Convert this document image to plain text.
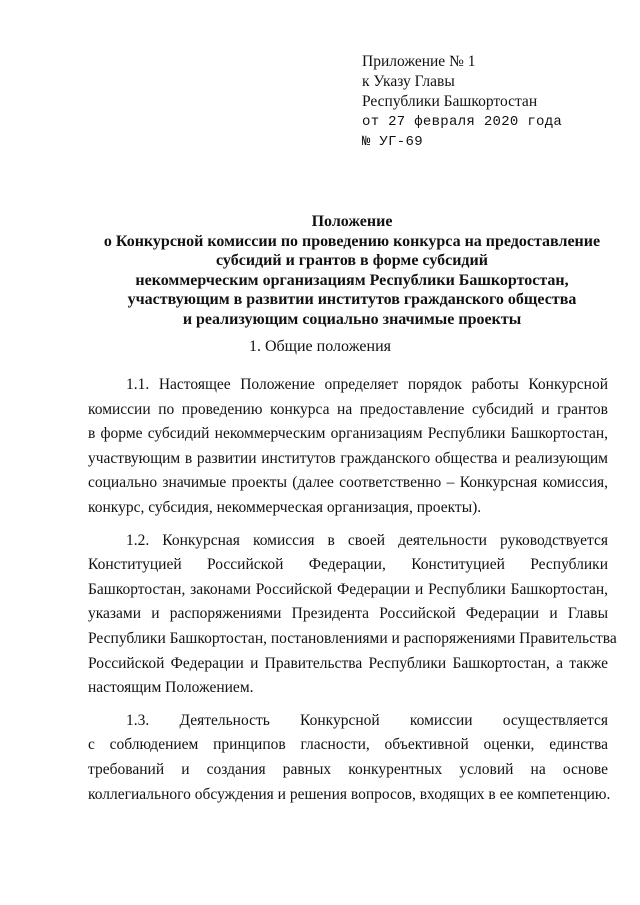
Приложение № 1
к Указу Главы
Республики Башкортостан
от 27 февраля 2020 года
№ УГ-69
Положение
о Конкурсной комиссии по проведению конкурса на предоставление
субсидий и грантов в форме субсидий
некоммерческим организациям Республики Башкортостан,
участвующим в развитии институтов гражданского общества
и реализующим социально значимые проекты
1. Общие положения

1.1. Настоящее Положение определяет порядок работы Конкурсной
комиссии по проведению конкурса на предоставление субсидий и грантов
в форме субсидий некоммерческим организациям Республики Башкортостан,
участвующим в развитии институтов гражданского общества и реализующим
социально значимые проекты (далее соответственно – Конкурсная комиссия,
конкурс, субсидия, некоммерческая организация, проекты).

1.2. Конкурсная комиссия в своей деятельности руководствуется
Конституцией Российской Федерации, Конституцией Республики
Башкортостан, законами Российской Федерации и Республики Башкортостан,
указами и распоряжениями Президента Российской Федерации и Главы
Республики Башкортостан, постановлениями и распоряжениями Правительства
Российской Федерации и Правительства Республики Башкортостан, а также
настоящим Положением.

1.3. Деятельность Конкурсной комиссии осуществляется
с соблюдением принципов гласности, объективной оценки, единства
требований и создания равных конкурентных условий на основе
коллегиального обсуждения и решения вопросов, входящих в ее компетенцию.
